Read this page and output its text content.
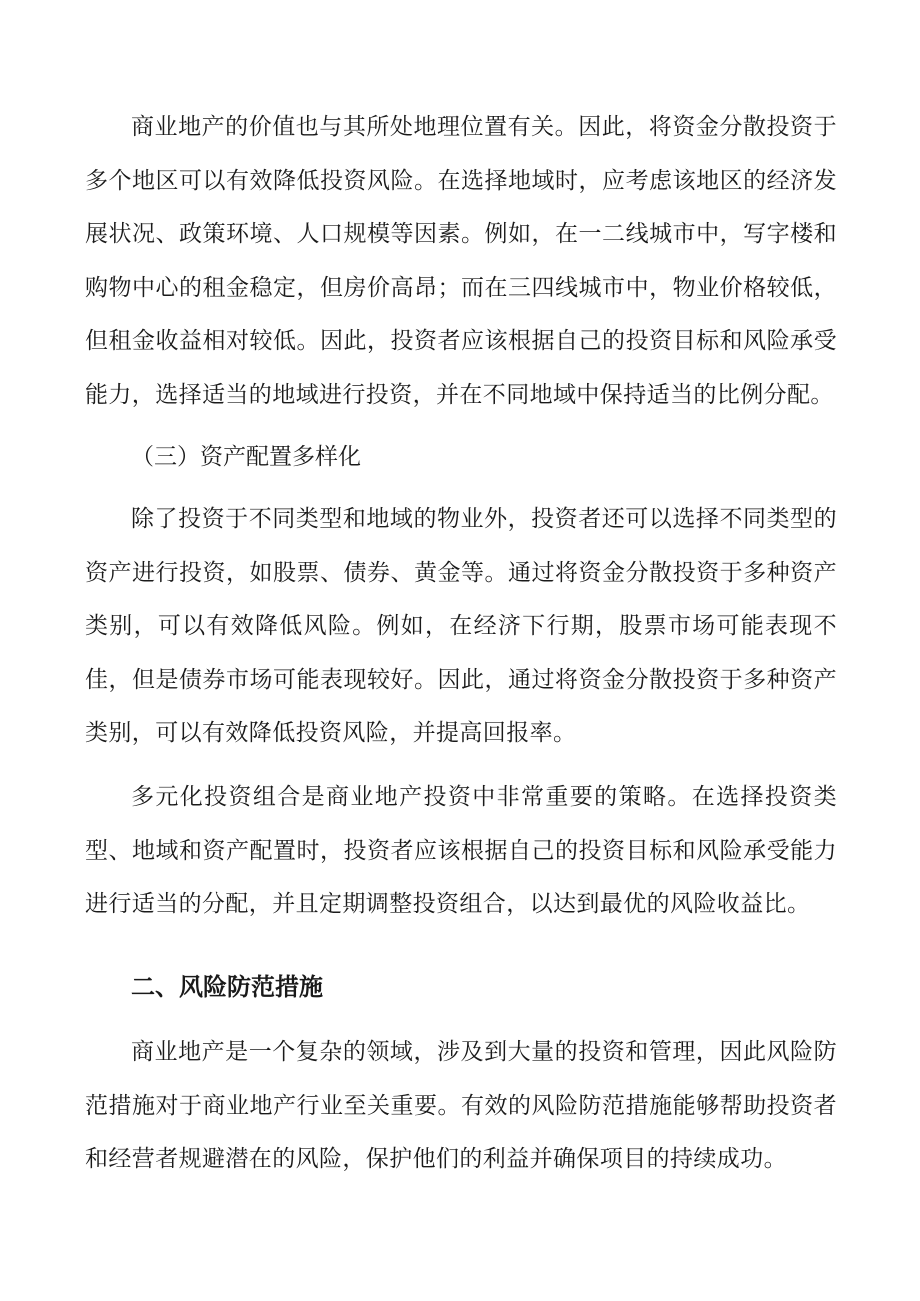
商业地产的价值也与其所处地理位置有关。因此，将资金分散投资于多个地区可以有效降低投资风险。在选择地域时，应考虑该地区的经济发展状况、政策环境、人口规模等因素。例如，在一二线城市中，写字楼和购物中心的租金稳定，但房价高昂；而在三四线城市中，物业价格较低，但租金收益相对较低。因此，投资者应该根据自己的投资目标和风险承受能力，选择适当的地域进行投资，并在不同地域中保持适当的比例分配。

（三）资产配置多样化

除了投资于不同类型和地域的物业外，投资者还可以选择不同类型的资产进行投资，如股票、债券、黄金等。通过将资金分散投资于多种资产类别，可以有效降低风险。例如，在经济下行期，股票市场可能表现不佳，但是债券市场可能表现较好。因此，通过将资金分散投资于多种资产类别，可以有效降低投资风险，并提高回报率。

多元化投资组合是商业地产投资中非常重要的策略。在选择投资类型、地域和资产配置时，投资者应该根据自己的投资目标和风险承受能力进行适当的分配，并且定期调整投资组合，以达到最优的风险收益比。

二、风险防范措施

商业地产是一个复杂的领域，涉及到大量的投资和管理，因此风险防范措施对于商业地产行业至关重要。有效的风险防范措施能够帮助投资者和经营者规避潜在的风险，保护他们的利益并确保项目的持续成功。
